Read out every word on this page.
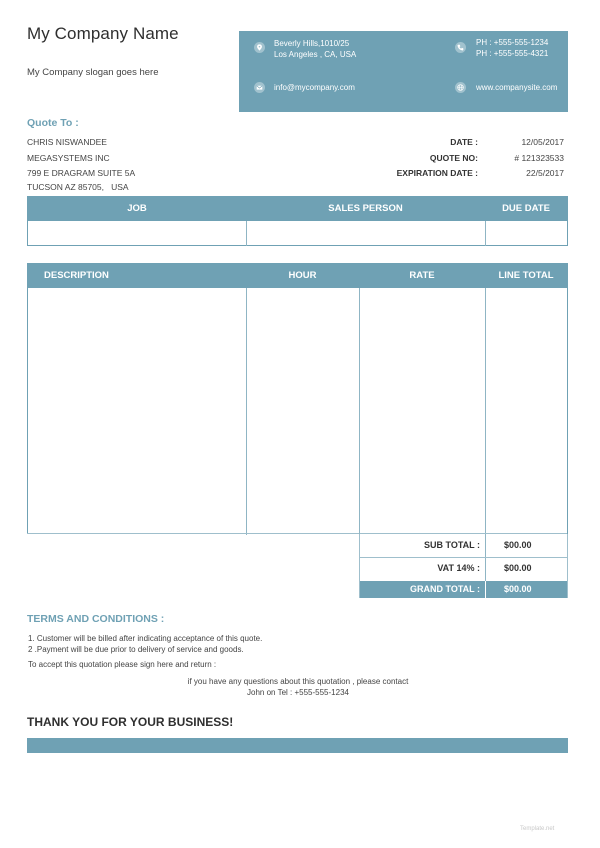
My Company Name
My Company slogan goes here
Beverly Hills,1010/25
Los Angeles , CA, USA
PH : +555-555-1234
PH : +555-555-4321
info@mycompany.com	www.companysite.com
Quote To :
CHRIS NISWANDEE
MEGASYSTEMS INC
799 E DRAGRAM SUITE 5A
TUCSON AZ 85705,   USA
DATE :	12/05/2017
QUOTE NO:	# 121323533
EXPIRATION DATE :	22/5/2017
JOB	SALES PERSON	DUE DATE
DESCRIPTION	HOUR	RATE	LINE TOTAL
SUB TOTAL :	$00.00
VAT 14% :	$00.00
GRAND TOTAL :	$00.00
TERMS AND CONDITIONS :
1. Customer will be billed after indicating acceptance of this quote.
2 .Payment will be due prior to delivery of service and goods.
To accept this quotation please sign here and return :
if you have any questions about this quotation , please contact
John on Tel : +555-555-1234
THANK YOU FOR YOUR BUSINESS!
Template.net
